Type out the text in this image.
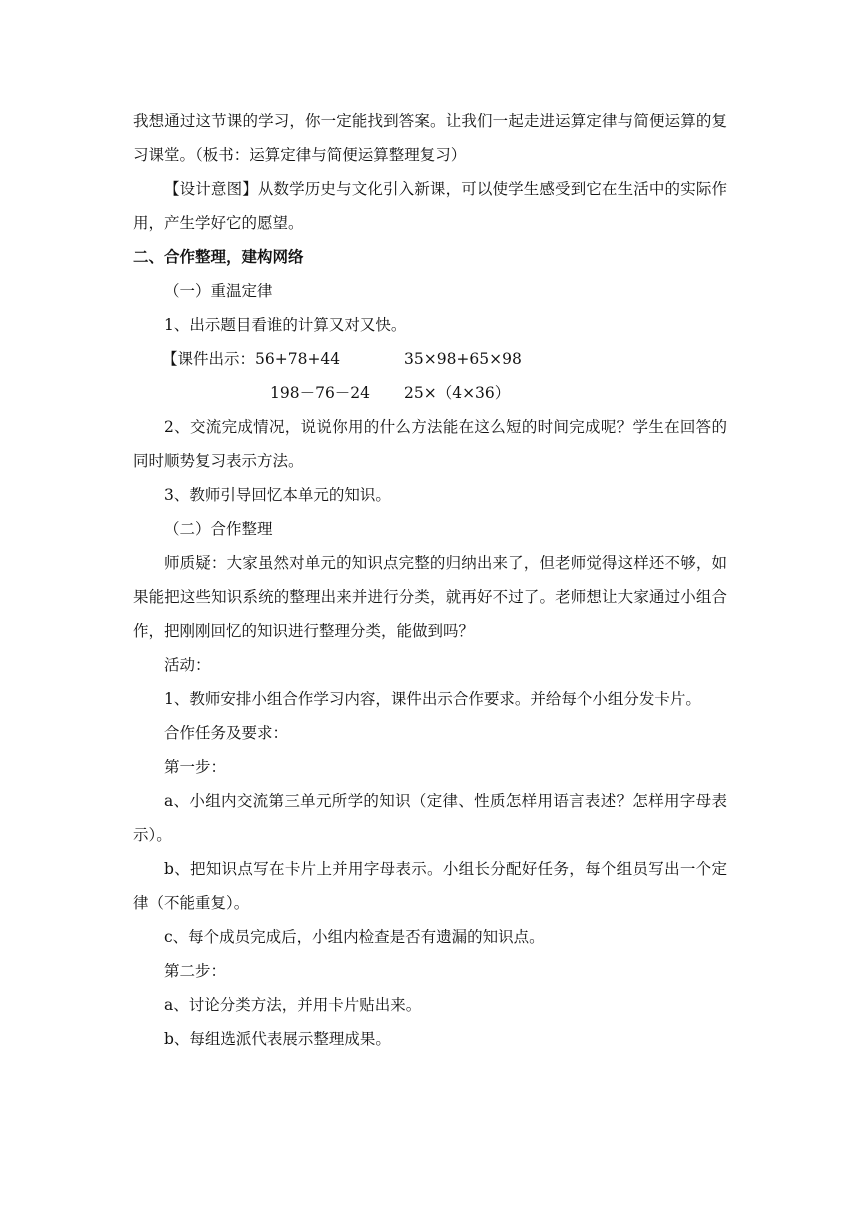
我想通过这节课的学习，你一定能找到答案。让我们一起走进运算定律与简便运算的复习课堂。（板书：运算定律与简便运算整理复习）

【设计意图】从数学历史与文化引入新课，可以使学生感受到它在生活中的实际作用，产生学好它的愿望。

二、合作整理，建构网络

（一）重温定律

1、出示题目看谁的计算又对又快。

【课件出示：56+78+44	35×98+65×98
198－76－24	25×（4×36）

2、交流完成情况，说说你用的什么方法能在这么短的时间完成呢？学生在回答的同时顺势复习表示方法。

3、教师引导回忆本单元的知识。

（二）合作整理

师质疑：大家虽然对单元的知识点完整的归纳出来了，但老师觉得这样还不够，如果能把这些知识系统的整理出来并进行分类，就再好不过了。老师想让大家通过小组合作，把刚刚回忆的知识进行整理分类，能做到吗？

活动：

1、教师安排小组合作学习内容，课件出示合作要求。并给每个小组分发卡片。

合作任务及要求：

第一步：

a、小组内交流第三单元所学的知识（定律、性质怎样用语言表述？怎样用字母表示）。

b、把知识点写在卡片上并用字母表示。小组长分配好任务，每个组员写出一个定律（不能重复）。

c、每个成员完成后，小组内检查是否有遗漏的知识点。

第二步：

a、讨论分类方法，并用卡片贴出来。

b、每组选派代表展示整理成果。
